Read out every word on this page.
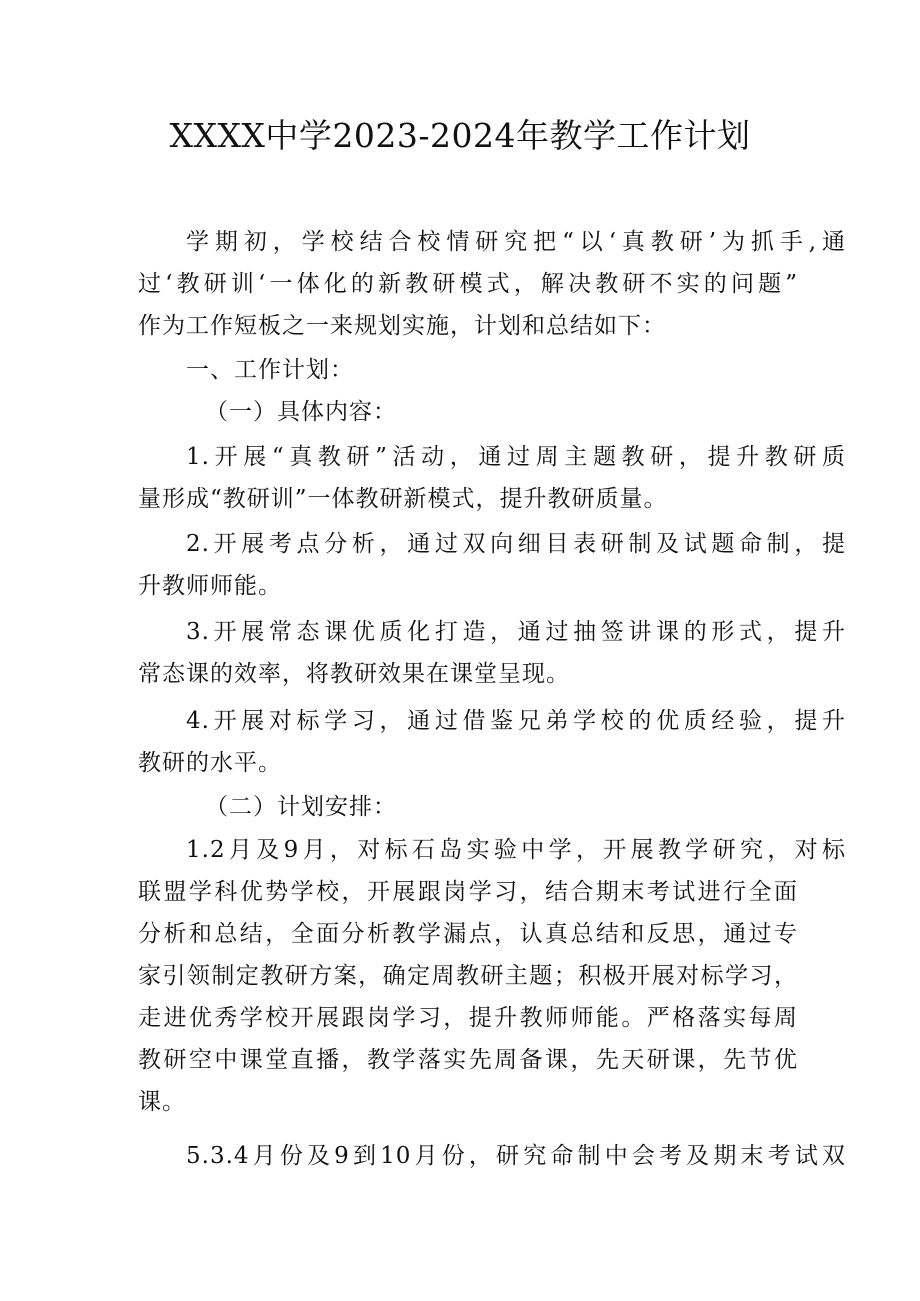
XXXX中学2023-2024年教学工作计划
学期初，学校结合校情研究把“以‘真教研’为抓手,通
过‘教研训‘一体化的新教研模式，解决教研不实的问题”
作为工作短板之一来规划实施，计划和总结如下：
一、工作计划：
（一）具体内容：
1.开展“真教研”活动，通过周主题教研，提升教研质
量形成“教研训”一体教研新模式，提升教研质量。
2.开展考点分析，通过双向细目表研制及试题命制，提
升教师师能。
3.开展常态课优质化打造，通过抽签讲课的形式，提升
常态课的效率，将教研效果在课堂呈现。
4.开展对标学习，通过借鉴兄弟学校的优质经验，提升
教研的水平。
（二）计划安排：
1.2月及9月，对标石岛实验中学，开展教学研究，对标
联盟学科优势学校，开展跟岗学习，结合期末考试进行全面
分析和总结，全面分析教学漏点，认真总结和反思，通过专
家引领制定教研方案，确定周教研主题；积极开展对标学习，
走进优秀学校开展跟岗学习，提升教师师能。严格落实每周
教研空中课堂直播，教学落实先周备课，先天研课，先节优
课。
5.3.4月份及9到10月份，研究命制中会考及期末考试双
